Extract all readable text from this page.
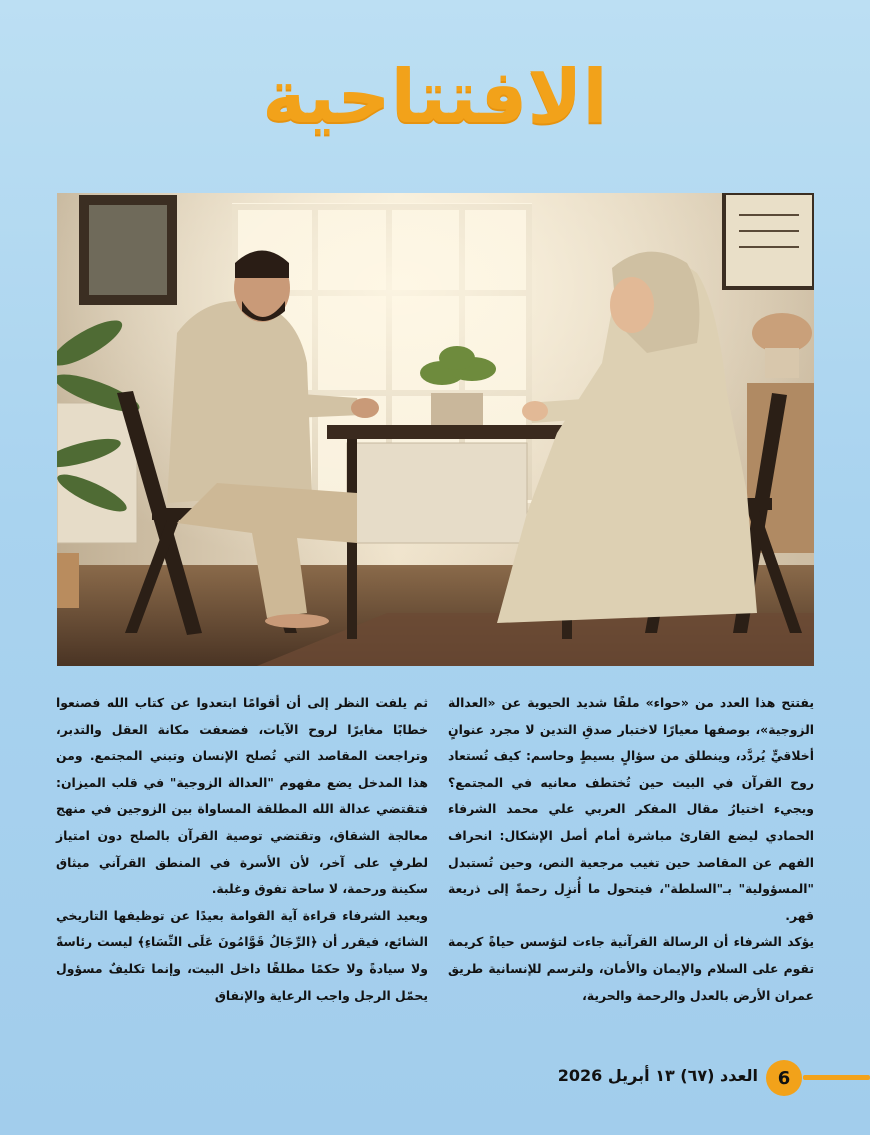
الافتتاحية

يفتتح هذا العدد من «حواء» ملفًا شديد الحيوية عن «العدالة الزوجية»، بوصفها معيارًا لاختبار صدقِ التدين لا مجرد عنوانٍ أخلاقيٍّ يُردَّد، وينطلق من سؤالٍ بسيطٍ وحاسم: كيف تُستعاد روح القرآن في البيت حين تُختطف معانيه في المجتمع؟ ويجيء اختيارُ مقال المفكر العربي علي محمد الشرفاء الحمادي ليضع القارئ مباشرة أمام أصل الإشكال: انحراف الفهم عن المقاصد حين تغيب مرجعية النص، وحين تُستبدل "المسؤولية" بـ"السلطة"، فيتحول ما أُنزِل رحمةً إلى ذريعة قهر.

يؤكد الشرفاء أن الرسالة القرآنية جاءت لتؤسس حياةً كريمة تقوم على السلام والإيمان والأمان، ولترسم للإنسانية طريق عمران الأرض بالعدل والرحمة والحرية،

ثم يلفت النظر إلى أن أقوامًا ابتعدوا عن كتاب الله فصنعوا خطابًا مغايرًا لروح الآيات، فضعفت مكانة العقل والتدبر، وتراجعت المقاصد التي تُصلح الإنسان وتبني المجتمع. ومن هذا المدخل يضع مفهوم "العدالة الزوجية" في قلب الميزان: فتقتضي عدالة الله المطلقة المساواة بين الزوجين في منهج معالجة الشقاق، وتقتضي توصية القرآن بالصلح دون امتياز لطرفٍ على آخر، لأن الأسرة في المنطق القرآني ميثاق سكينة ورحمة، لا ساحة تفوق وغلبة.

ويعيد الشرفاء قراءة آية القوامة بعيدًا عن توظيفها التاريخي الشائع، فيقرر أن ﴿الرِّجَالُ قَوَّامُونَ عَلَى النِّسَاءِ﴾ ليست رئاسةً ولا سيادةً ولا حكمًا مطلقًا داخل البيت، وإنما تكليفٌ مسؤول يحمّل الرجل واجب الرعاية والإنفاق

6
العدد (٦٧) ١٣ أبريل 2026
